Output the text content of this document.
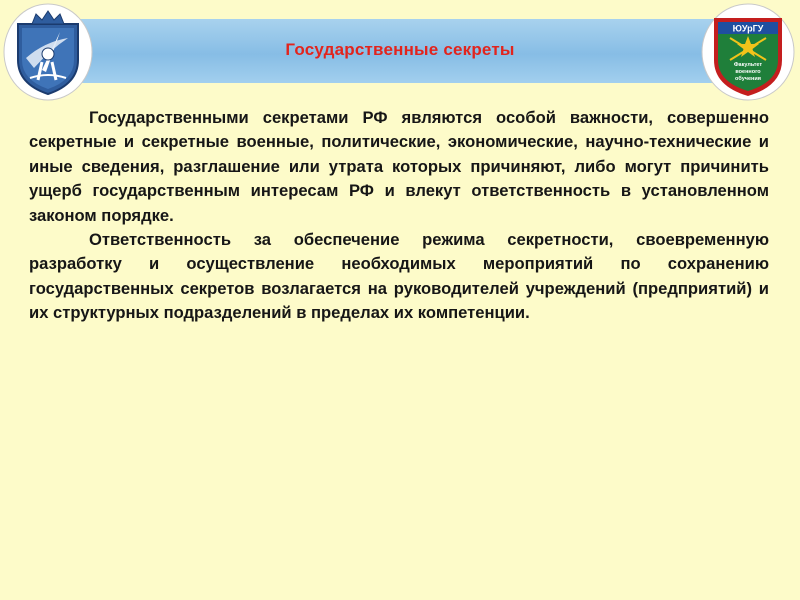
Государственные секреты
ЮУрГУ
Факультет
военного
обучения

Государственными секретами РФ являются особой важности, совершенно секретные и секретные военные, политические, экономические, научно-технические и иные сведения, разглашение или утрата которых причиняют, либо могут причинить ущерб государственным интересам РФ и влекут ответственность в установленном законом порядке.

Ответственность за обеспечение режима секретности, своевременную разработку и осуществление необходимых мероприятий по сохранению государственных секретов возлагается на руководителей учреждений (предприятий) и их структурных подразделений в пределах их компетенции.
